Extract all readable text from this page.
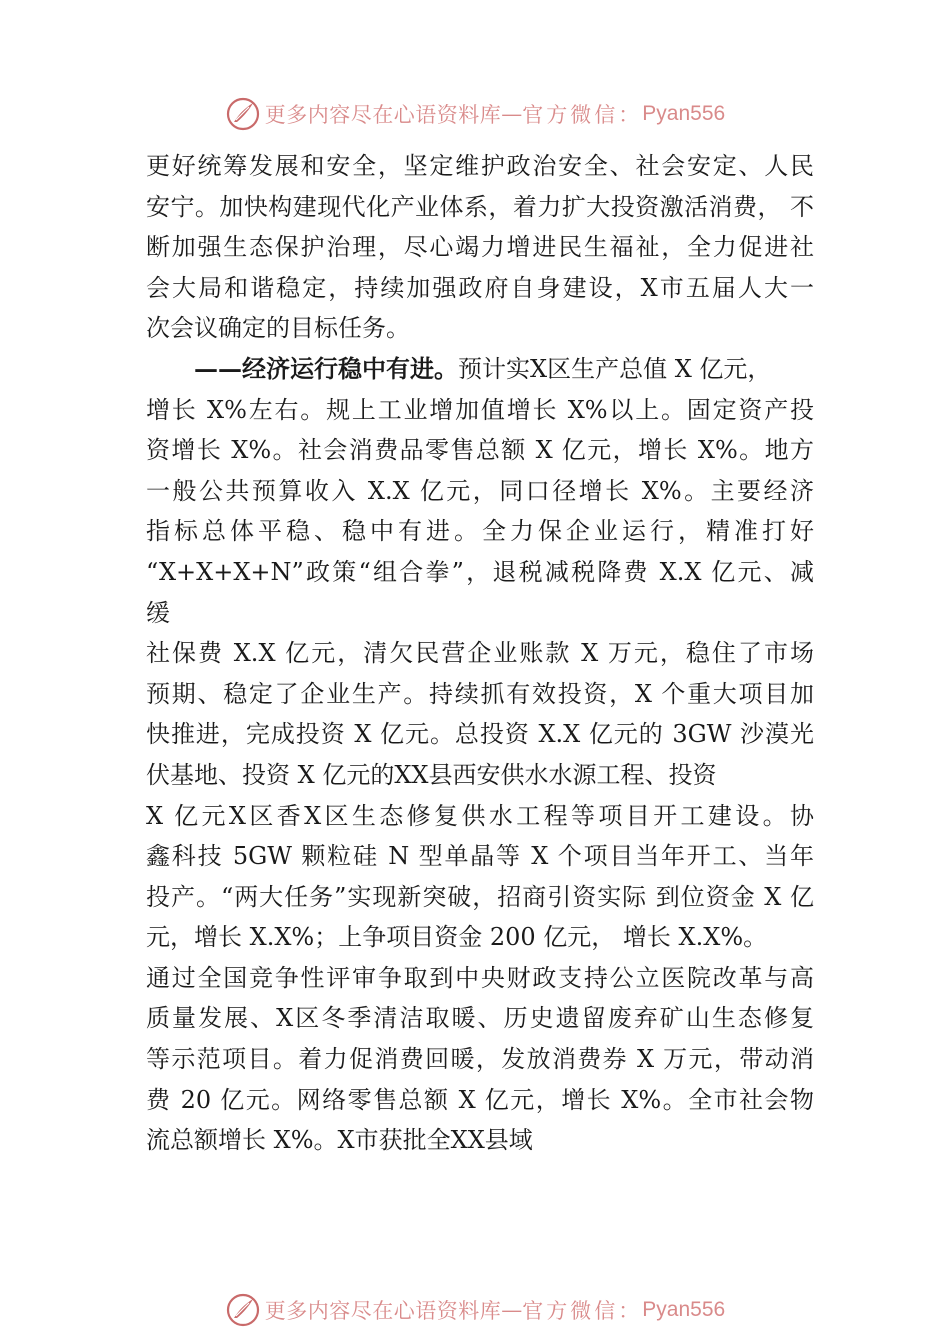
更多内容尽在心语资料库 — 官方微信： Pyan556
更好统筹发展和安全，坚定维护政治安全、社会安定、人民
安宁。加快构建现代化产业体系，着力扩大投资激活消费， 不
断加强生态保护治理，尽心竭力增进民生福祉，全力促进社
会大局和谐稳定，持续加强政府自身建设，X市五届人大一
次会议确定的目标任务。
——经济运行稳中有进。预计实X区生产总值 X 亿元，
增长 X%左右。规上工业增加值增长 X%以上。固定资产投
资增长 X%。社会消费品零售总额 X 亿元，增长 X%。地方
一般公共预算收入 X.X 亿元，同口径增长 X%。主要经济
指标总体平稳、稳中有进。全力保企业运行，精准打好
“X+X+X+N”政策“组合拳”，退税减税降费 X.X 亿元、减
缓
社保费 X.X 亿元，清欠民营企业账款 X 万元，稳住了市场
预期、稳定了企业生产。持续抓有效投资，X 个重大项目加
快推进，完成投资 X 亿元。总投资 X.X 亿元的 3GW 沙漠光
伏基地、投资 X 亿元的XX县西安供水水源工程、投资
X 亿元X区香X区生态修复供水工程等项目开工建设。协
鑫科技 5GW 颗粒硅 N 型单晶等 X 个项目当年开工、当年
投产。“两大任务”实现新突破，招商引资实际 到位资金 X 亿
元，增长 X.X%；上争项目资金 200 亿元， 增长 X.X%。
通过全国竞争性评审争取到中央财政支持公立医院改革与高
质量发展、X区冬季清洁取暖、历史遗留废弃矿山生态修复
等示范项目。着力促消费回暖，发放消费券 X 万元，带动消
费 20 亿元。网络零售总额 X 亿元，增长 X%。全市社会物
流总额增长 X%。X市获批全XX县域
更多内容尽在心语资料库 — 官方微信： Pyan556
